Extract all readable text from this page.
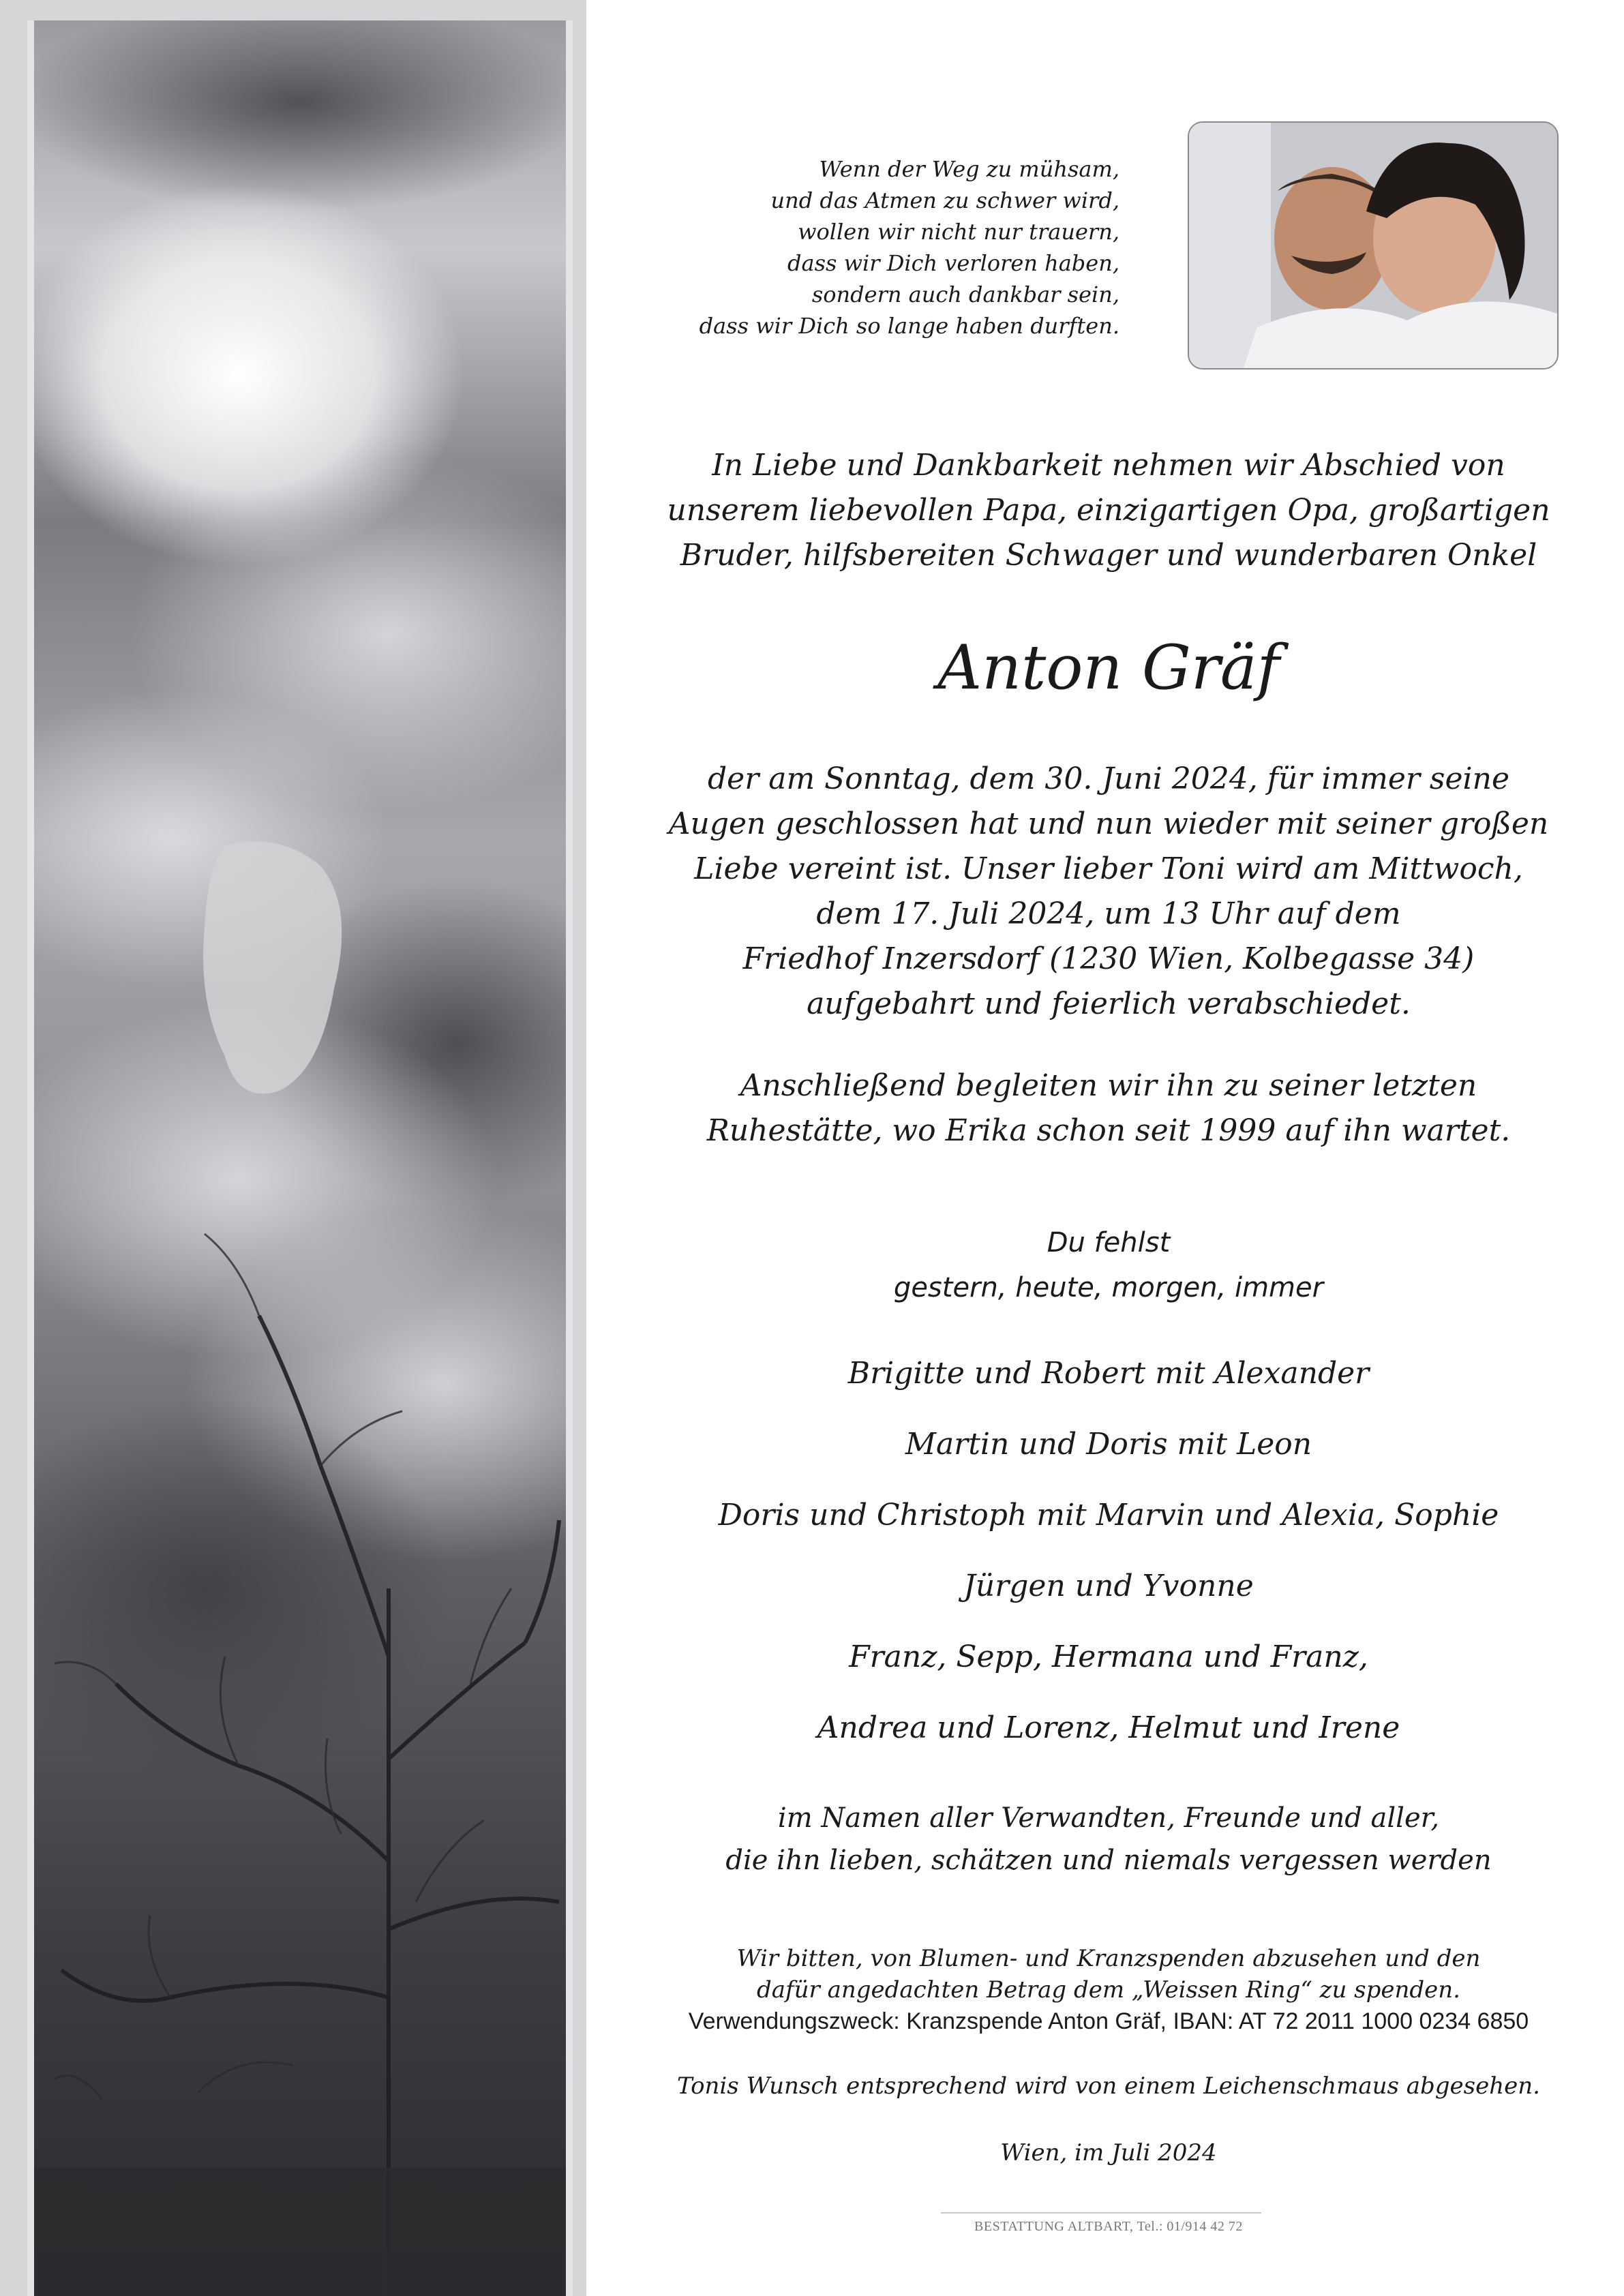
Wenn der Weg zu mühsam,
und das Atmen zu schwer wird,
wollen wir nicht nur trauern,
dass wir Dich verloren haben,
sondern auch dankbar sein,
dass wir Dich so lange haben durften.
In Liebe und Dankbarkeit nehmen wir Abschied von
unserem liebevollen Papa, einzigartigen Opa, großartigen
Bruder, hilfsbereiten Schwager und wunderbaren Onkel
Anton Gräf
der am Sonntag, dem 30. Juni 2024, für immer seine
Augen geschlossen hat und nun wieder mit seiner großen
Liebe vereint ist. Unser lieber Toni wird am Mittwoch,
dem 17. Juli 2024, um 13 Uhr auf dem
Friedhof Inzersdorf (1230 Wien, Kolbegasse 34)
aufgebahrt und feierlich verabschiedet.
Anschließend begleiten wir ihn zu seiner letzten
Ruhestätte, wo Erika schon seit 1999 auf ihn wartet.
Du fehlst
gestern, heute, morgen, immer
Brigitte und Robert mit Alexander
Martin und Doris mit Leon
Doris und Christoph mit Marvin und Alexia, Sophie
Jürgen und Yvonne
Franz, Sepp, Hermana und Franz,
Andrea und Lorenz, Helmut und Irene
im Namen aller Verwandten, Freunde und aller,
die ihn lieben, schätzen und niemals vergessen werden
Wir bitten, von Blumen- und Kranzspenden abzusehen und den
dafür angedachten Betrag dem „Weissen Ring“ zu spenden.
Verwendungszweck: Kranzspende Anton Gräf, IBAN: AT 72 2011 1000 0234 6850
Tonis Wunsch entsprechend wird von einem Leichenschmaus abgesehen.
Wien, im Juli 2024
BESTATTUNG ALTBART, Tel.: 01/914 42 72
